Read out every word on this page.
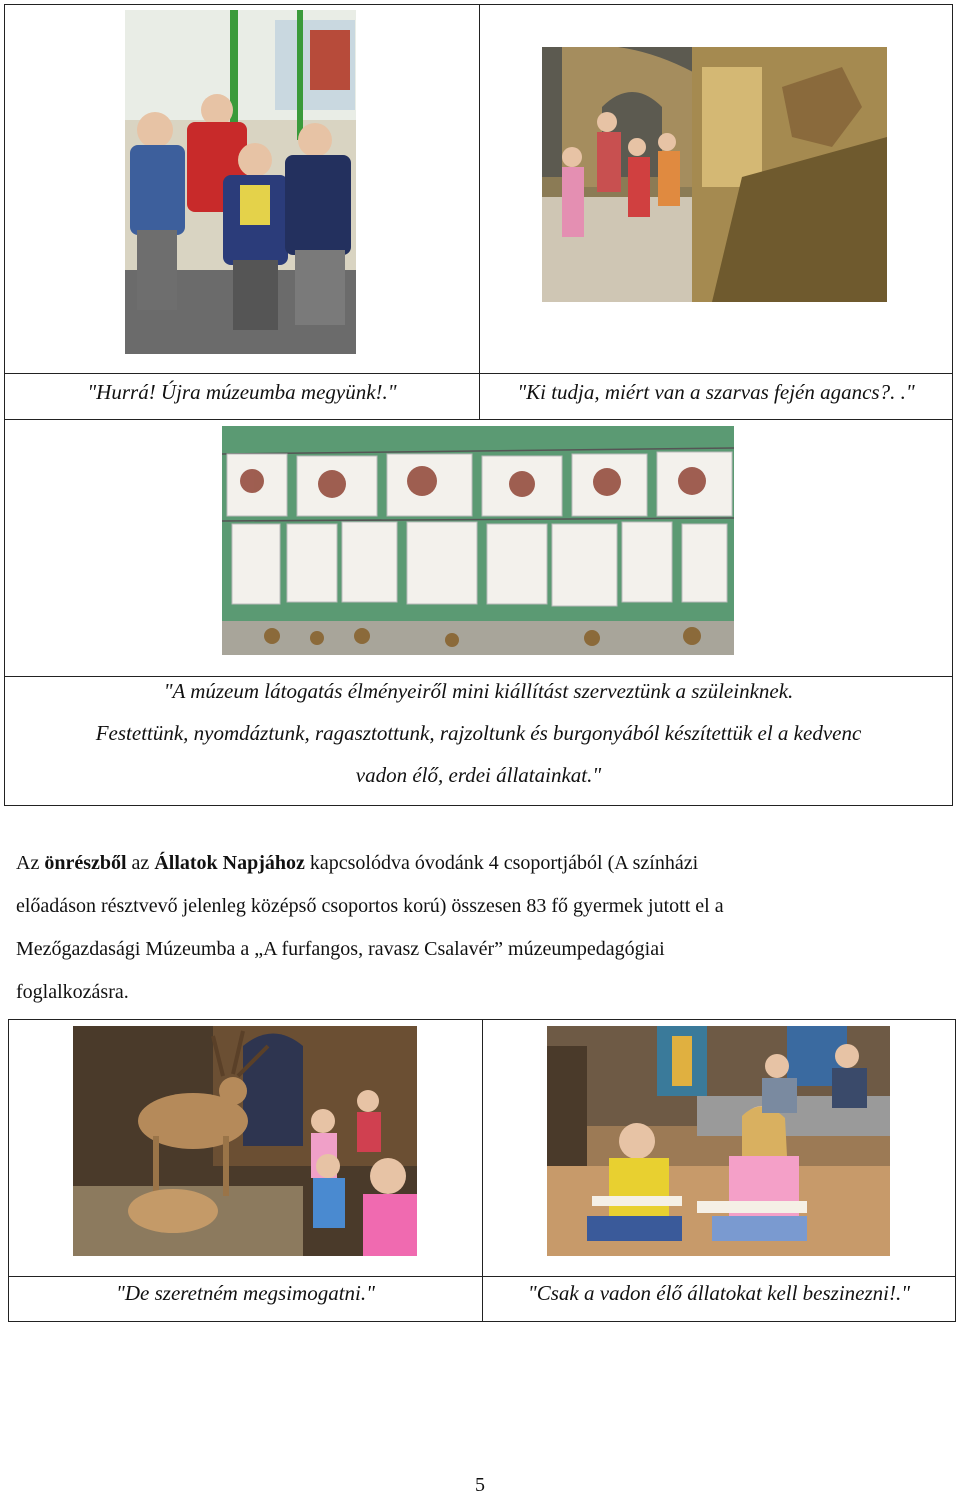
"Hurrá! Újra múzeumba megyünk!."	"Ki tudja, miért van a szarvas fején agancs?. ."
"A múzeum látogatás élményeiről mini kiállítást szerveztünk a szüleinknek.
Festettünk, nyomdáztunk, ragasztottunk, rajzoltunk és burgonyából készítettük el a kedvenc
vadon élő, erdei állatainkat."
Az önrészből az Állatok Napjához kapcsolódva óvodánk 4 csoportjából (A színházi
előadáson résztvevő jelenleg középső csoportos korú) összesen 83 fő gyermek jutott el a
Mezőgazdasági Múzeumba a „A furfangos, ravasz Csalavér” múzeumpedagógiai
foglalkozásra.
"De szeretném megsimogatni."	"Csak a vadon élő állatokat kell beszinezni!."
5
